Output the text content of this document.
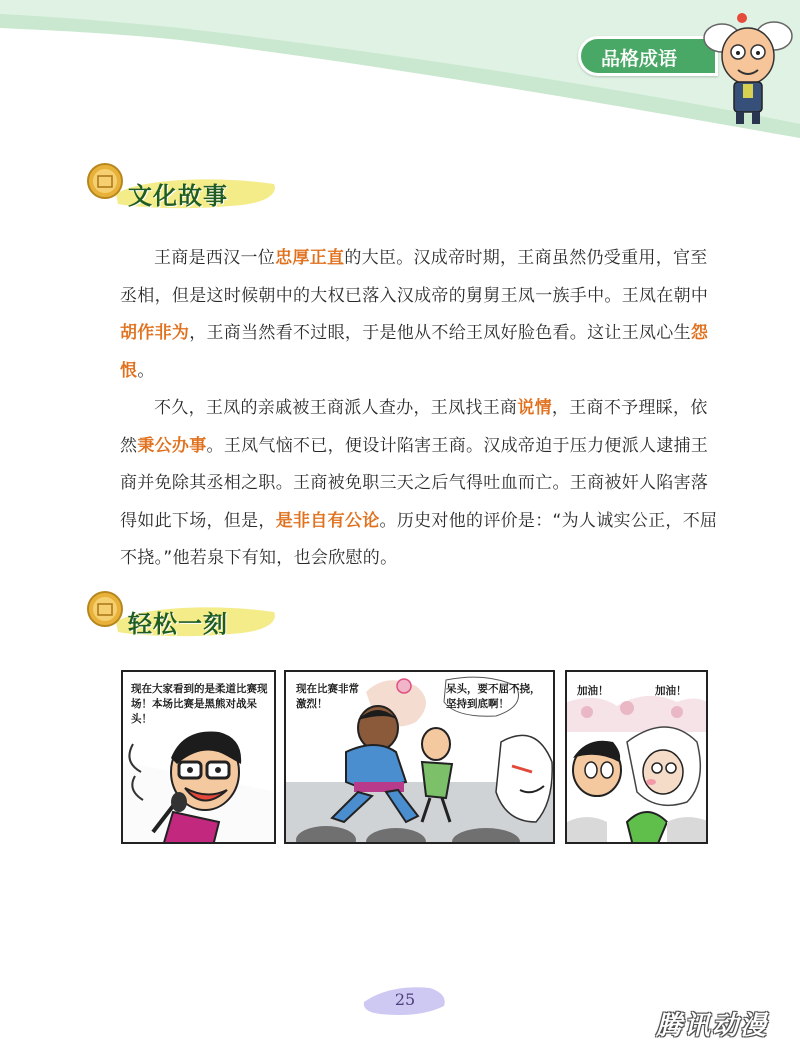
品格成语
文化故事

王商是西汉一位忠厚正直的大臣。汉成帝时期，王商虽然仍受重用，官至丞相，但是这时候朝中的大权已落入汉成帝的舅舅王凤一族手中。王凤在朝中胡作非为，王商当然看不过眼，于是他从不给王凤好脸色看。这让王凤心生怨恨。

不久，王凤的亲戚被王商派人查办，王凤找王商说情，王商不予理睬，依然秉公办事。王凤气恼不已，便设计陷害王商。汉成帝迫于压力便派人逮捕王商并免除其丞相之职。王商被免职三天之后气得吐血而亡。王商被奸人陷害落得如此下场，但是，是非自有公论。历史对他的评价是：“为人诚实公正，不屈不挠。”他若泉下有知，也会欣慰的。

轻松一刻
现在大家看到的是柔道比赛现场！本场比赛是黑熊对战呆头！
现在比赛非常激烈！
呆头，要不屈不挠，坚持到底啊！
加油！	加油！
25
腾讯动漫
